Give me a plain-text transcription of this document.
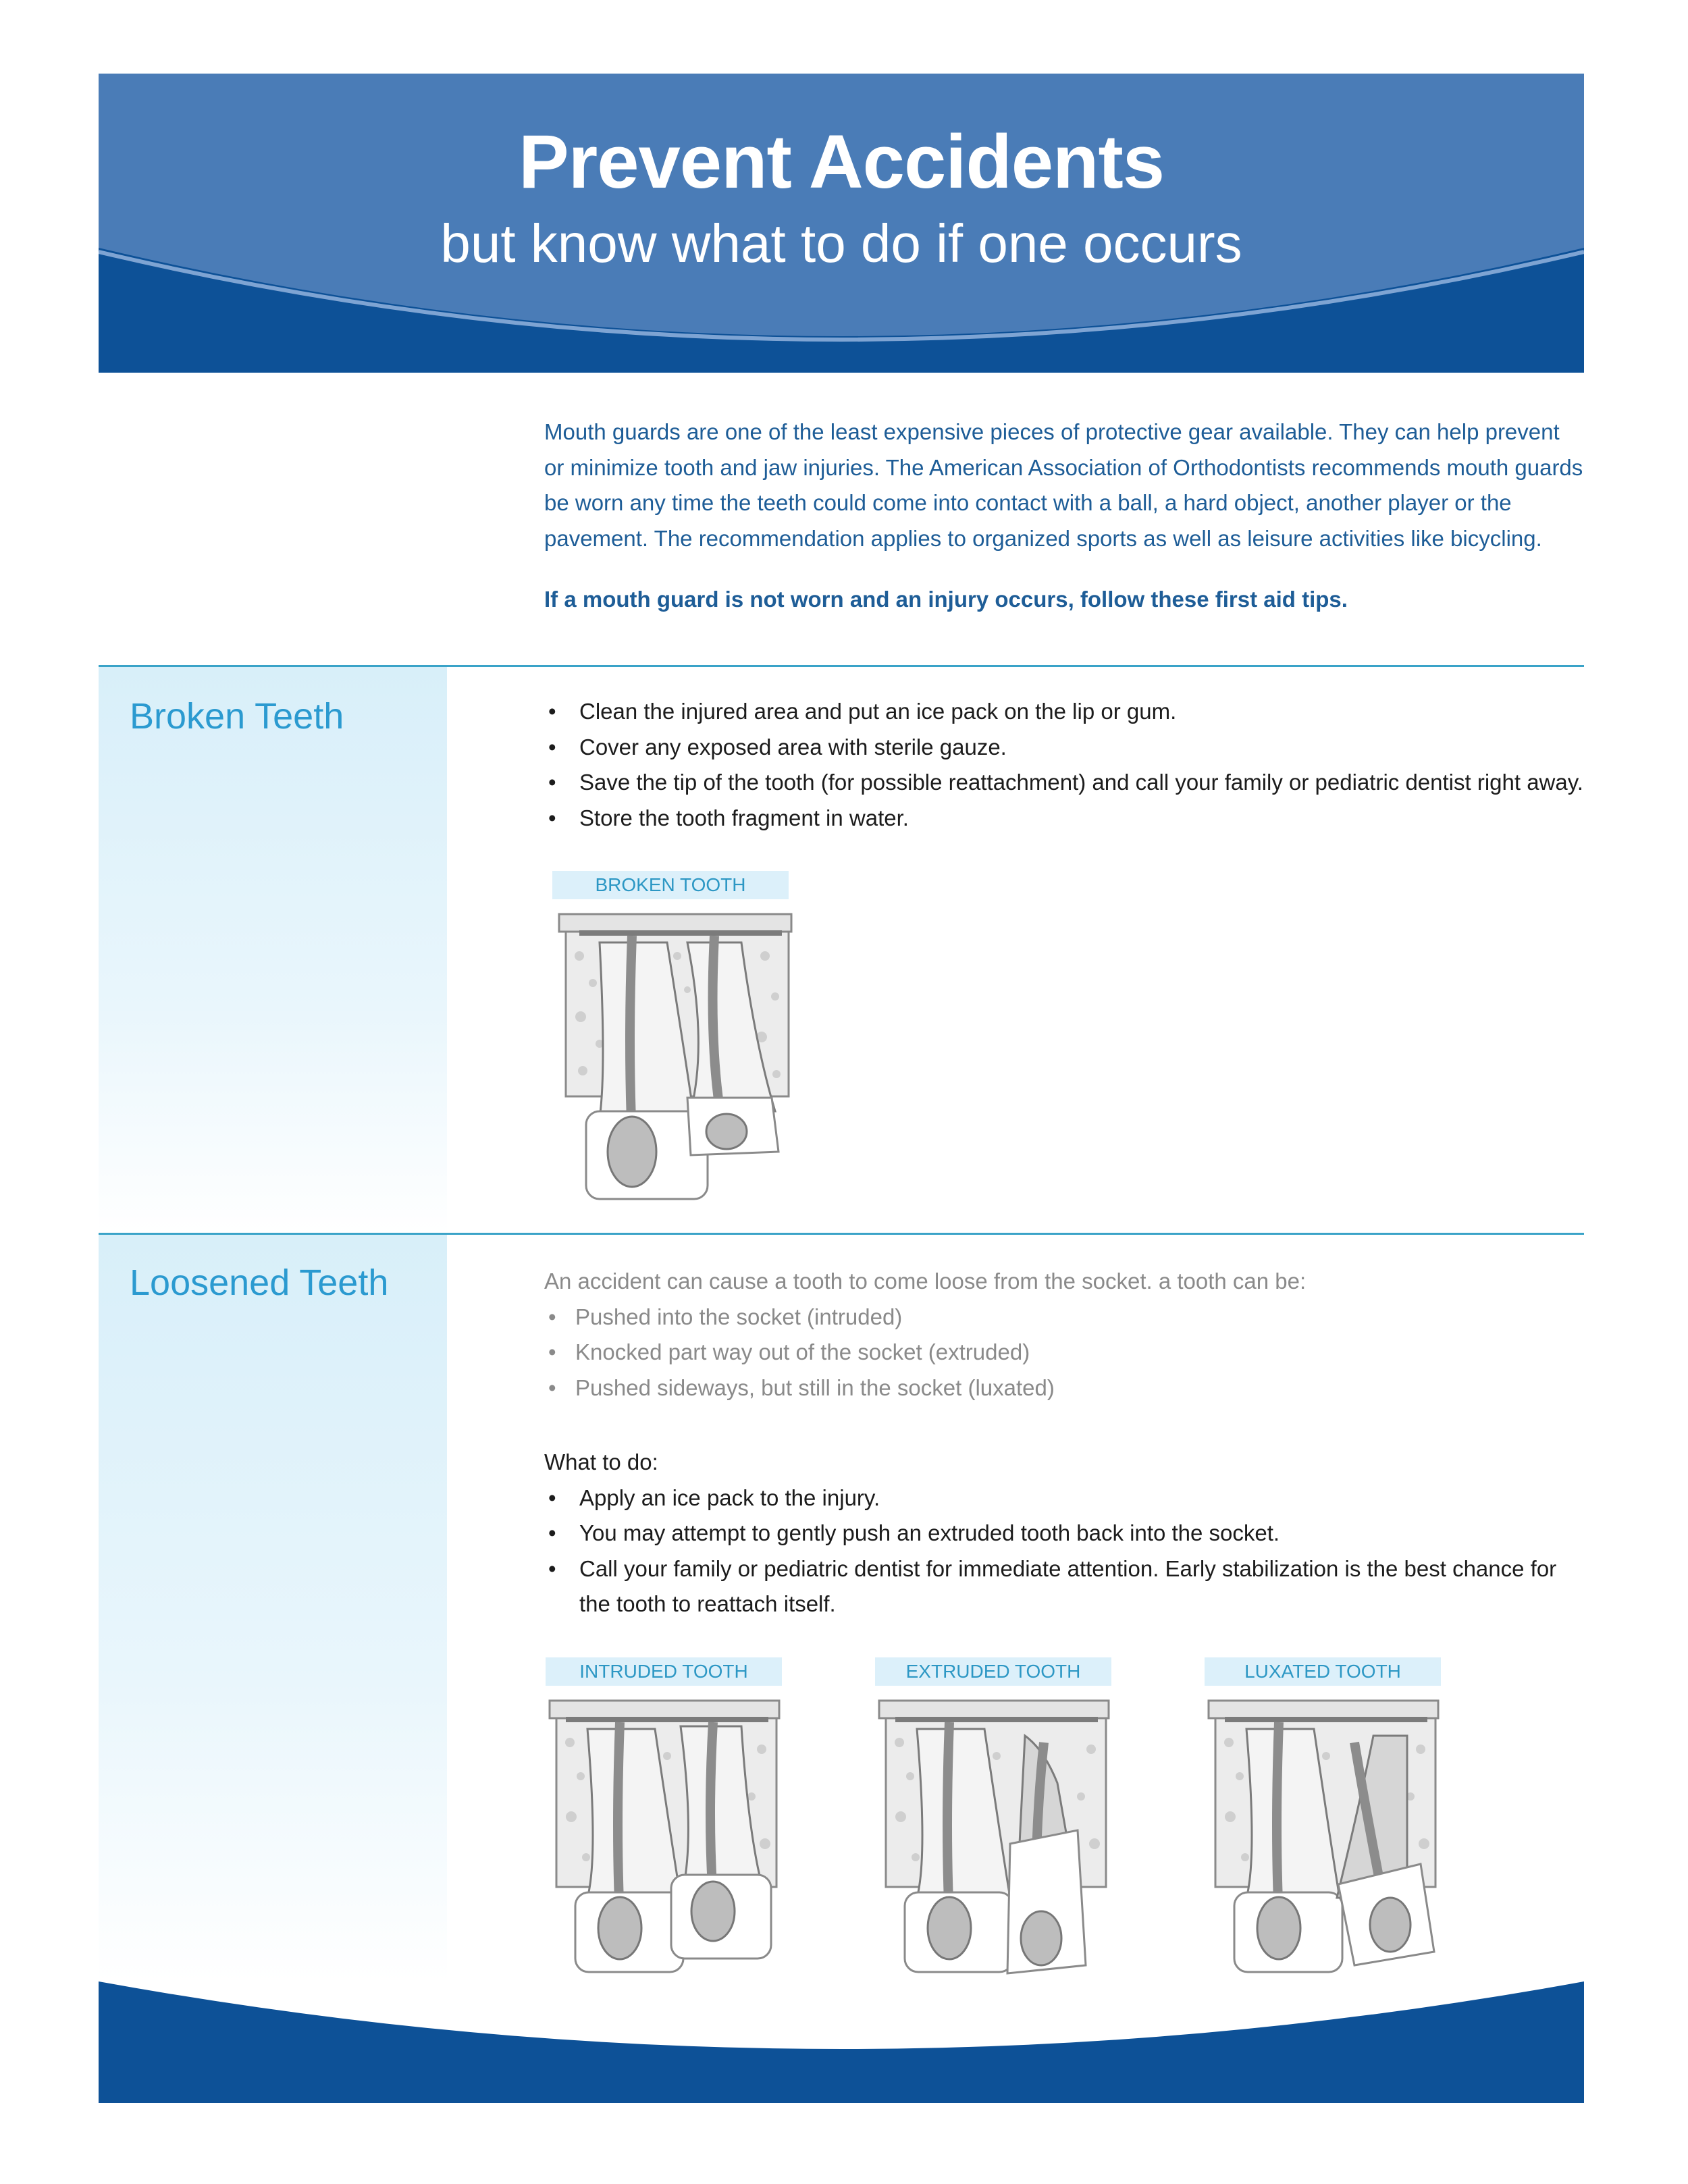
Prevent Accidents
but know what to do if one occurs

Mouth guards are one of the least expensive pieces of protective gear available. They can help prevent or minimize tooth and jaw injuries. The American Association of Orthodontists recommends mouth guards be worn any time the teeth could come into contact with a ball, a hard object, another player or the pavement. The recommendation applies to organized sports as well as leisure activities like bicycling.

If a mouth guard is not worn and an injury occurs, follow these first aid tips.

Broken Teeth	• Clean the injured area and put an ice pack on the lip or gum.
• Cover any exposed area with sterile gauze.
• Save the tip of the tooth (for possible reattachment) and call your family or pediatric dentist right away.
• Store the tooth fragment in water.
BROKEN TOOTH
Loosened Teeth	An accident can cause a tooth to come loose from the socket. a tooth can be:

• Pushed into the socket (intruded)
• Knocked part way out of the socket (extruded)
• Pushed sideways, but still in the socket (luxated)

What to do:

• Apply an ice pack to the injury.
• You may attempt to gently push an extruded tooth back into the socket.
• Call your family or pediatric dentist for immediate attention. Early stabilization is the best chance for the tooth to reattach itself.
INTRUDED TOOTH	EXTRUDED TOOTH	LUXATED TOOTH
